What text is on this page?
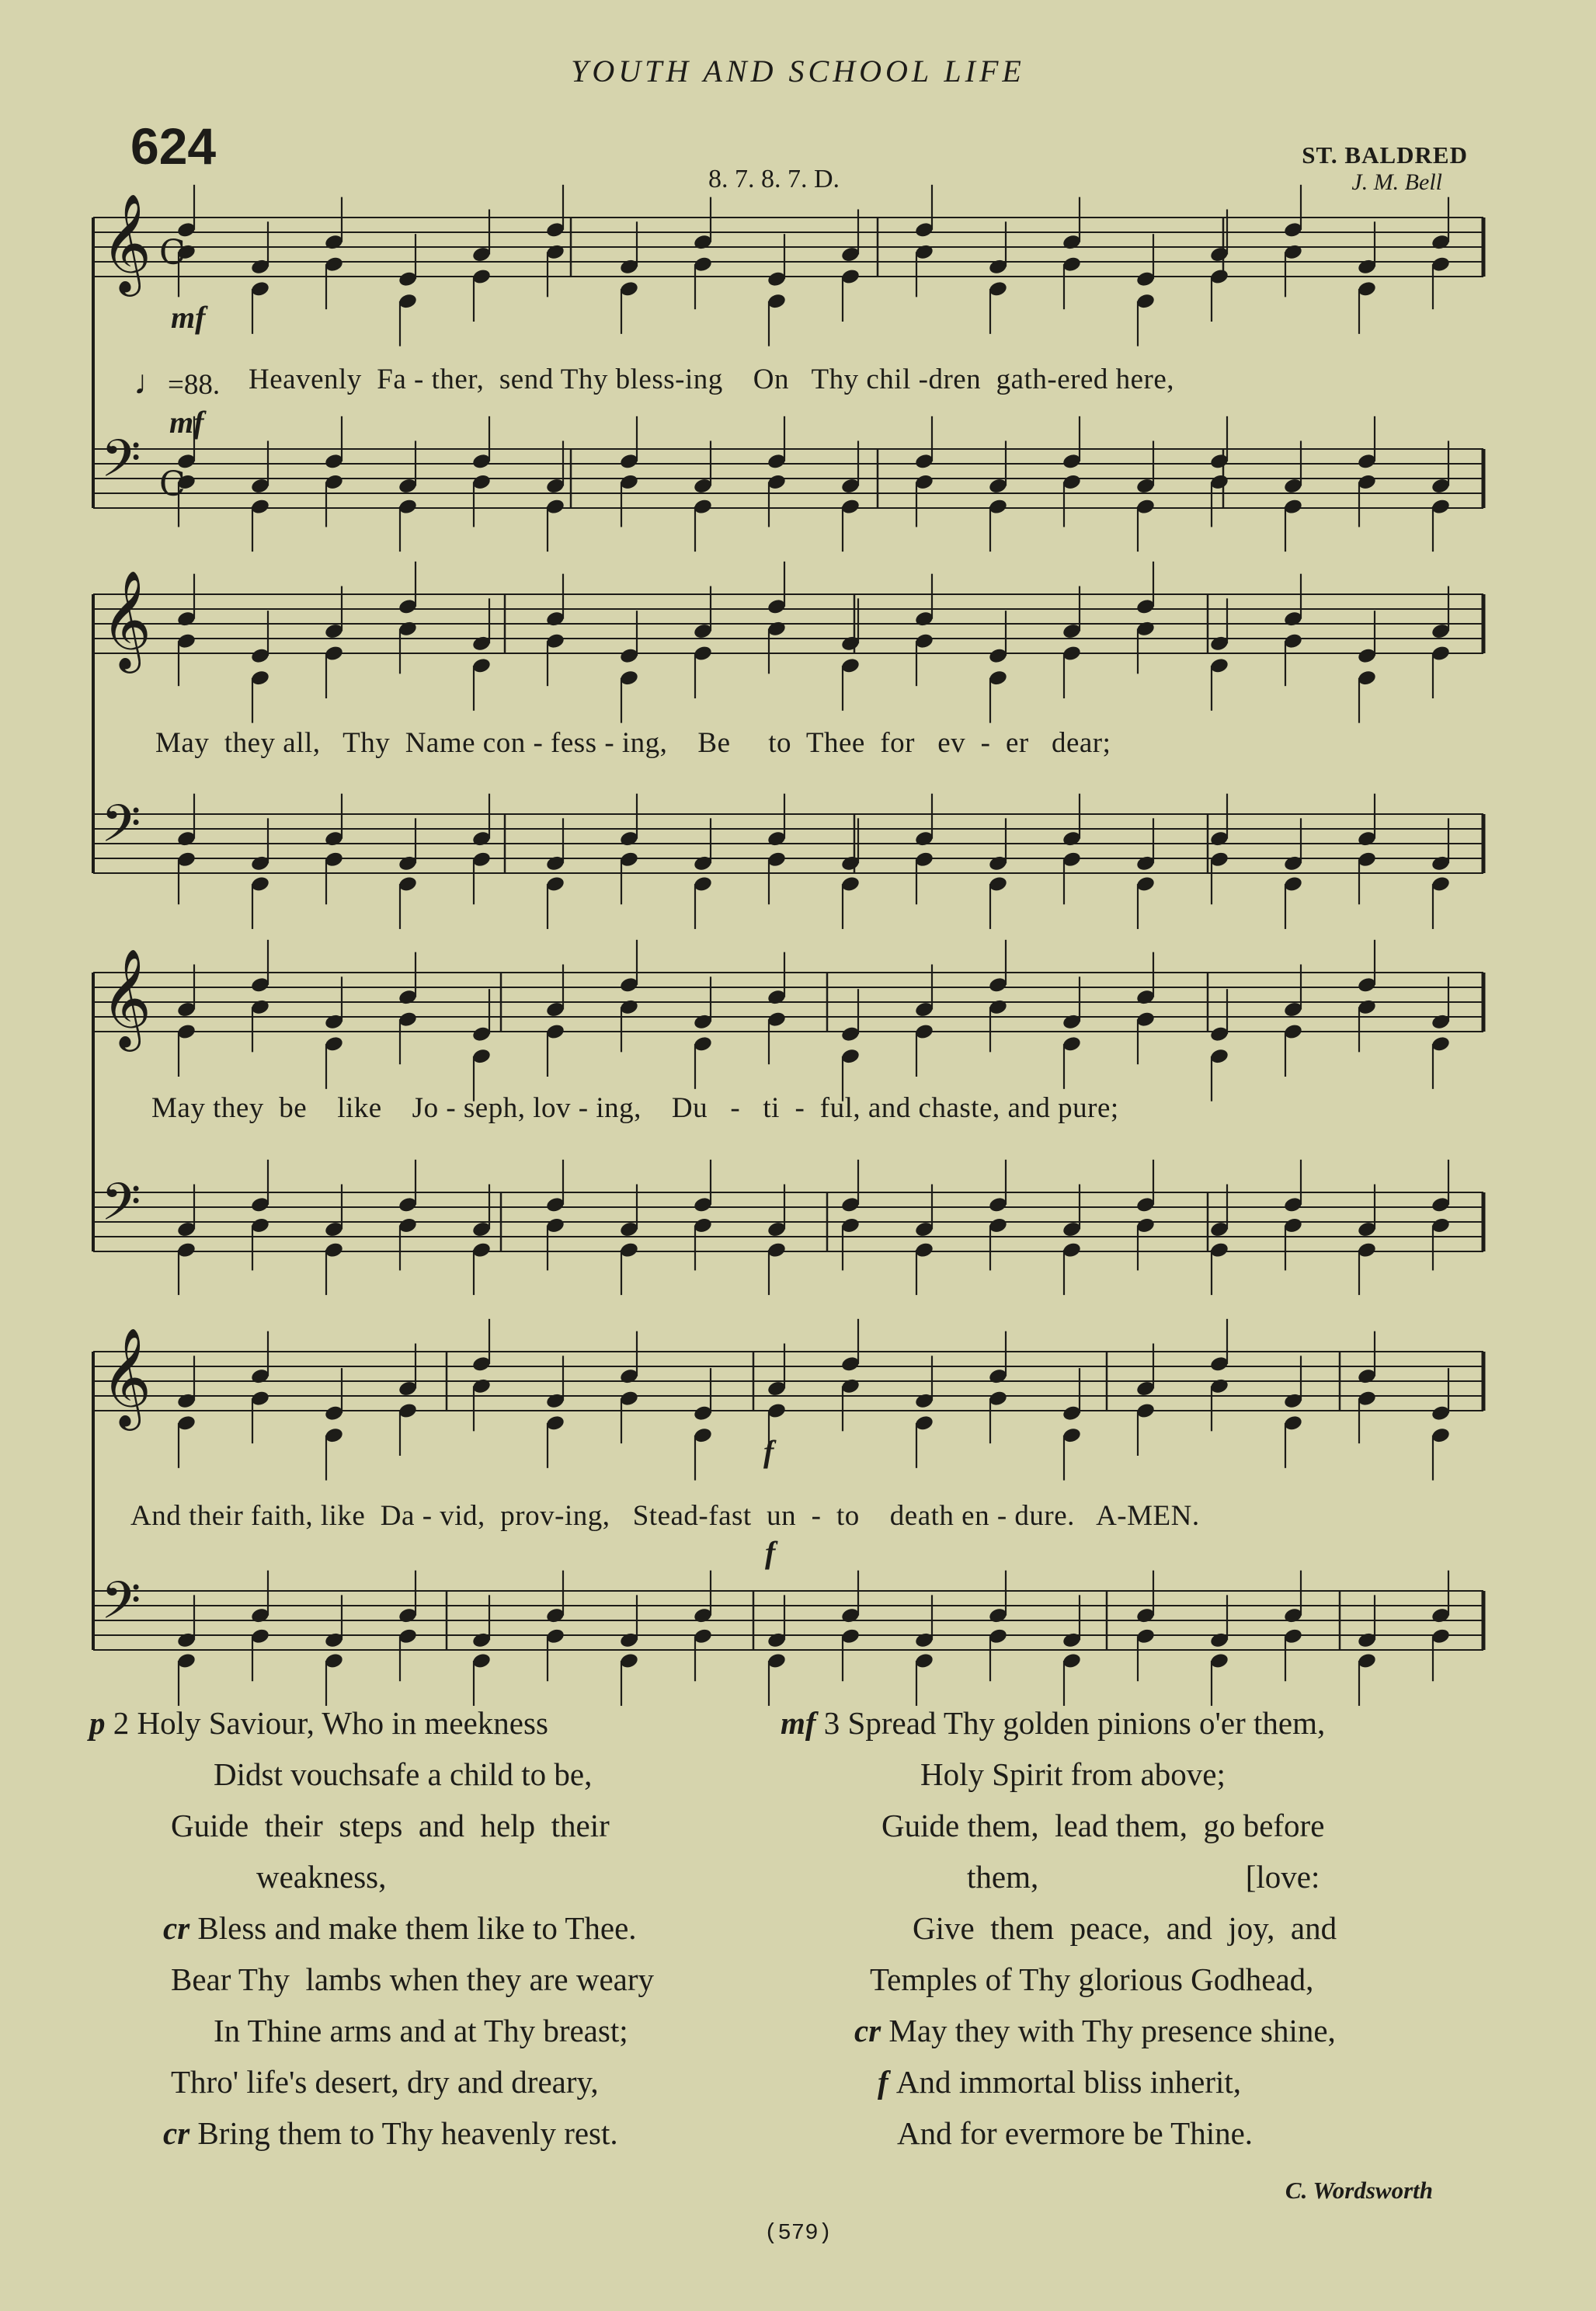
YOUTH AND SCHOOL LIFE
624
8. 7. 8. 7. D.
ST. BALDRED
J. M. Bell
𝄞
𝄢
C
C
𝄞
𝄢
𝄞
𝄢
𝄞
𝄢
♩=88. Heavenly  Fa - ther,  send Thy bless-ing    On   Thy chil -dren  gath-ered here,
May  they all,   Thy  Name con - fess - ing,    Be     to  Thee  for   ev  -  er   dear;
May they  be    like    Jo - seph, lov - ing,    Du   -   ti  -  ful, and chaste, and pure;
And their faith, like  Da - vid,  prov-ing,   Stead-fast  un  -  to    death en - dure.   A-MEN.
mf
mf
f
f
p 2 Holy Saviour, Who in meekness
Didst vouchsafe a child to be,
Guide  their  steps  and  help  their
weakness,
cr Bless and make them like to Thee.
Bear Thy  lambs when they are weary
In Thine arms and at Thy breast;
Thro' life's desert, dry and dreary,
cr Bring them to Thy heavenly rest.
mf 3 Spread Thy golden pinions o'er them,
Holy Spirit from above;
Guide them,  lead them,  go before
them,                          [love:
Give  them  peace,  and  joy,  and
Temples of Thy glorious Godhead,
cr May they with Thy presence shine,
f And immortal bliss inherit,
And for evermore be Thine.
C. Wordsworth
(579)
